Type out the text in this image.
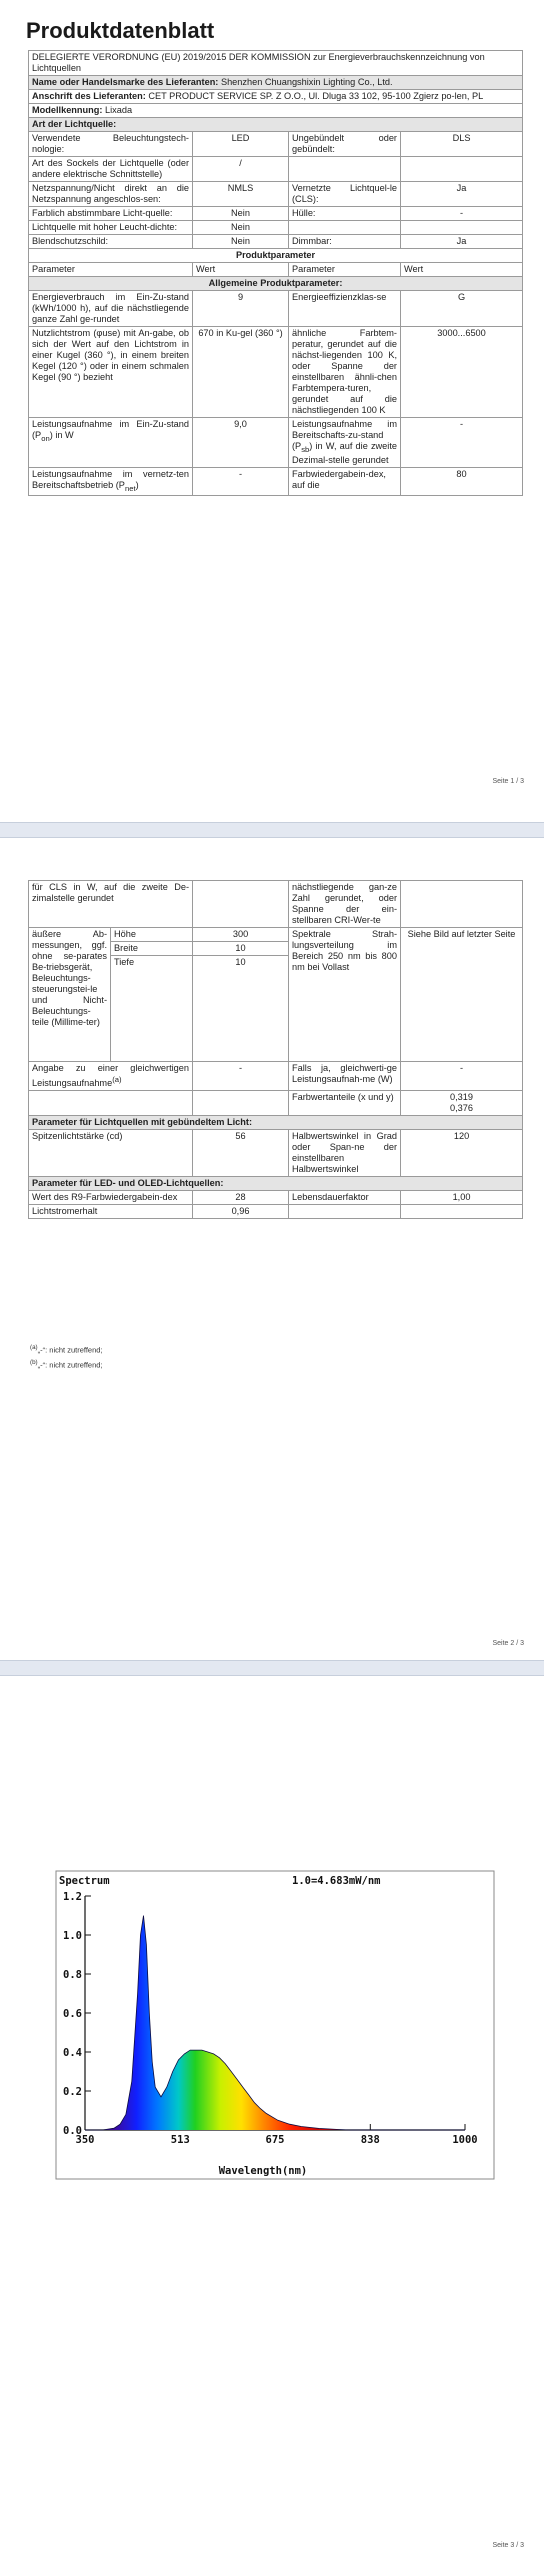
Produktdatenblatt
DELEGIERTE VERORDNUNG (EU) 2019/2015 DER KOMMISSION zur Energieverbrauchskennzeichnung von Lichtquellen			
Name oder Handelsmarke des Lieferanten: Shenzhen Chuangshixin Lighting Co., Ltd.			
Anschrift des Lieferanten: CET PRODUCT SERVICE SP. Z O.O., Ul. Dluga 33 102, 95-100 Zgierz po-len, PL			
Modellkennung: Lixada			
Art der Lichtquelle:			
Verwendete Beleuchtungstech-nologie:	LED	Ungebündelt oder gebündelt:	DLS
Art des Sockels der Lichtquelle (oder andere elektrische Schnittstelle)	/		
Netzspannung/Nicht direkt an die Netzspannung angeschlos-sen:	NMLS	Vernetzte Lichtquel-le (CLS):	Ja
Farblich abstimmbare Licht-quelle:	Nein	Hülle:	-
Lichtquelle mit hoher Leucht-dichte:	Nein		
Blendschutzschild:	Nein	Dimmbar:	Ja
Produktparameter			
Parameter	Wert	Parameter	Wert
Allgemeine Produktparameter:			
Energieverbrauch im Ein-Zu-stand (kWh/1000 h), auf die nächstliegende ganze Zahl ge-rundet	9	Energieeffizienzklas-se	G
Nutzlichtstrom (φuse) mit An-gabe, ob sich der Wert auf den Lichtstrom in einer Kugel (360 °), in einem breiten Kegel (120 °) oder in einem schmalen Kegel (90 °) bezieht	670 in Ku-gel (360 °)	ähnliche Farbtem-peratur, gerundet auf die nächst-liegenden 100 K, oder Spanne der einstellbaren ähnli-chen Farbtempera-turen, gerundet auf die nächstliegenden 100 K	3000...6500
Leistungsaufnahme im Ein-Zu-stand $(P_{on})$ in W	9,0	Leistungsaufnahme im Bereitschafts-zu-stand $(P_{sb})$ in W, auf die zweite Dezimal-stelle gerundet	-
Leistungsaufnahme im vernetz-ten Bereitschaftsbetrieb $(P_{net})$	-	Farbwiedergabein-dex, auf die	80
Seite 1 / 3
Seite 2 / 3
für CLS in W, auf die zweite De-zimalstelle gerundet			nächstliegende gan-ze Zahl gerundet, oder Spanne der ein-stellbaren CRI-Wer-te	
äußere Ab-messungen, ggf. ohne se-parates Be-triebsgerät, Beleuchtungs-steuerungstei-le und Nicht-Beleuchtungs-teile (Millime-ter)	Höhe	300	Spektrale Strah-lungsverteilung im Bereich 250 nm bis 800 nm bei Vollast	Siehe Bild auf letzter Seite
	Breite	10		
	Tiefe	10		
Angabe zu einer gleichwertigen Leistungsaufnahme$^{(a)}$		-	Falls ja, gleichwerti-ge Leistungsaufnah-me (W)	-
			Farbwertanteile (x und y)	0,319
0,376
Parameter für Lichtquellen mit gebündeltem Licht:				
Spitzenlichtstärke (cd)		56	Halbwertswinkel in Grad oder Span-ne der einstellbaren Halbwertswinkel	120
Parameter für LED- und OLED-Lichtquellen:				
Wert des R9-Farbwiedergabein-dex		28	Lebensdauerfaktor	1,00
Lichtstromerhalt		0,96		
$^{(a)}$„-“: nicht zutreffend;
$^{(b)}$„-“: nicht zutreffend;
Seite 3 / 3
Spectrum	1.0=4.683mW/nm
0.0
0.2
0.4
0.6
0.8
1.0
1.2
350	513	675	838	1000
Wavelength(nm)
